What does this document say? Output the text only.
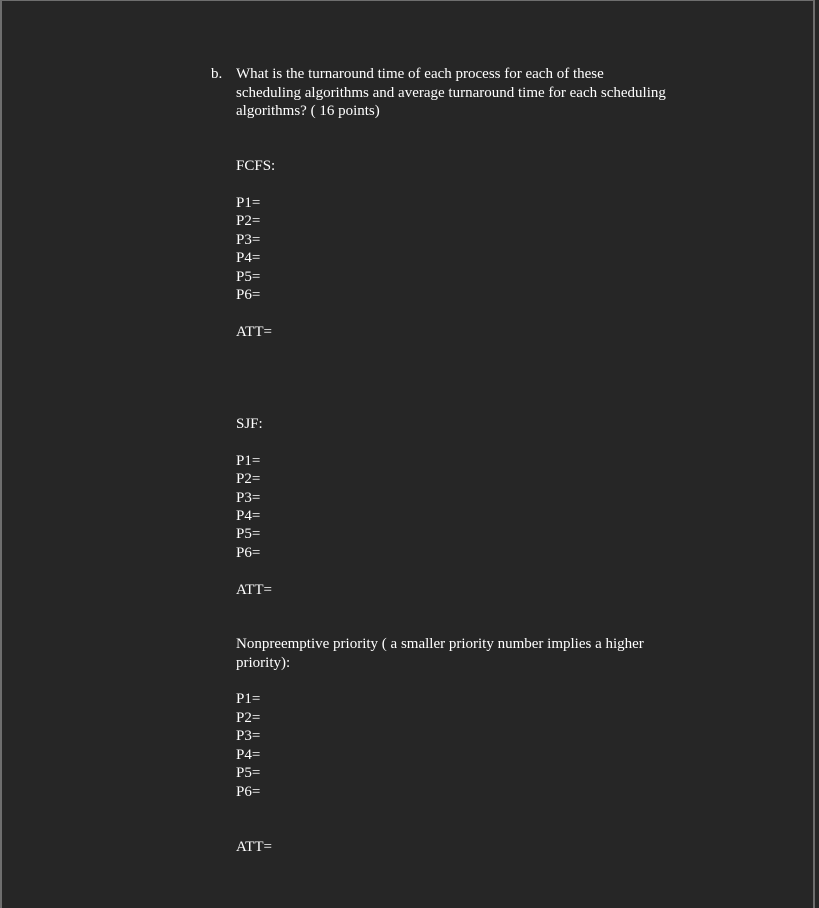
b. What is the turnaround time of each process for each of these
scheduling algorithms and average turnaround time for each scheduling
algorithms? ( 16 points)
FCFS:
P1=
P2=
P3=
P4=
P5=
P6=
ATT=
SJF:
P1=
P2=
P3=
P4=
P5=
P6=
ATT=
Nonpreemptive priority ( a smaller priority number implies a higher
priority):
P1=
P2=
P3=
P4=
P5=
P6=
ATT=
